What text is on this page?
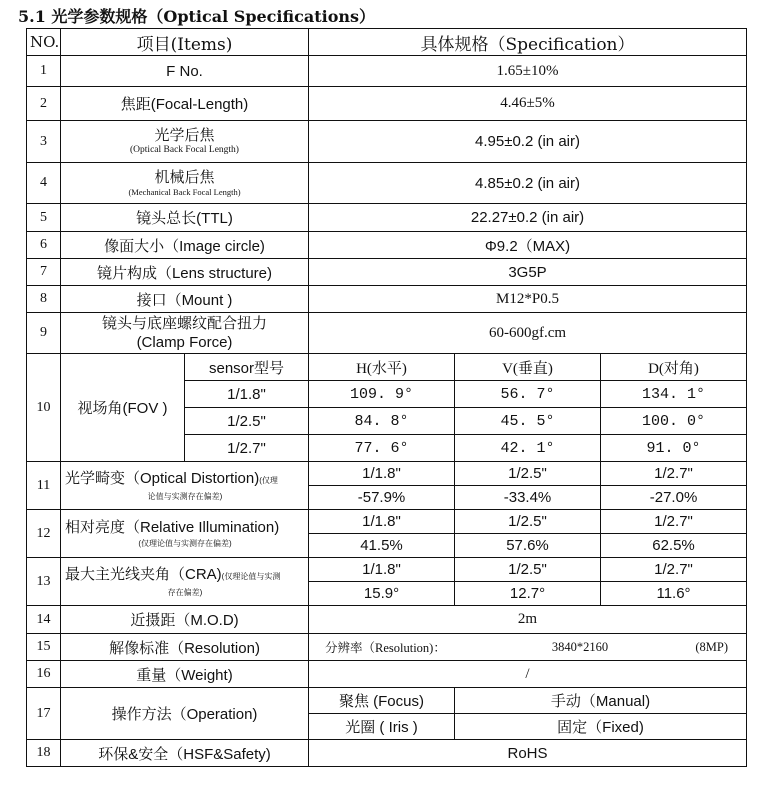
5.1 光学参数规格（Optical Specifications）
NO.	项目(Items)		具体规格（Specification）		
1	F No.		1.65±10%		
2	焦距(Focal-Length)		4.46±5%		
3	光学后焦
(Optical Back Focal Length)		4.95±0.2 (in air)		
4	机械后焦
(Mechanical Back Focal Length)		4.85±0.2 (in air)		
5	镜头总长(TTL)		22.27±0.2 (in air)		
6	像面大小（Image circle)		Φ9.2（MAX)		
7	镜片构成（Lens structure)		3G5P		
8	接口（Mount )		M12*P0.5		
9	镜头与底座螺纹配合扭力
(Clamp Force)		60-600gf.cm		
10	视场角(FOV )	sensor型号	H(水平)	V(垂直)	D(对角)
		1/1.8"	109. 9°	56. 7°	134. 1°
		1/2.5"	84. 8°	45. 5°	100. 0°
		1/2.7"	77. 6°	42. 1°	91. 0°
11	光学畸变（Optical Distortion)(仅理
论值与实测存在偏差)		1/1.8"	1/2.5"	1/2.7"
			-57.9%	-33.4%	-27.0%
12	相对亮度（Relative Illumination)
(仅理论值与实测存在偏差)		1/1.8"	1/2.5"	1/2.7"
			41.5%	57.6%	62.5%
13	最大主光线夹角（CRA)(仅理论值与实测
存在偏差)		1/1.8"	1/2.5"	1/2.7"
			15.9°	12.7°	11.6°
14	近摄距（M.O.D)		2m		
15	解像标准（Resolution)		分辨率（Resolution)： 3840*2160 (8MP)		

16	重量（Weight)		/		
17	操作方法（Operation)		聚焦 (Focus)	手动（Manual)	
			光圈 ( Iris )	固定（Fixed)	
18	环保&安全（HSF&Safety)		RoHS		
